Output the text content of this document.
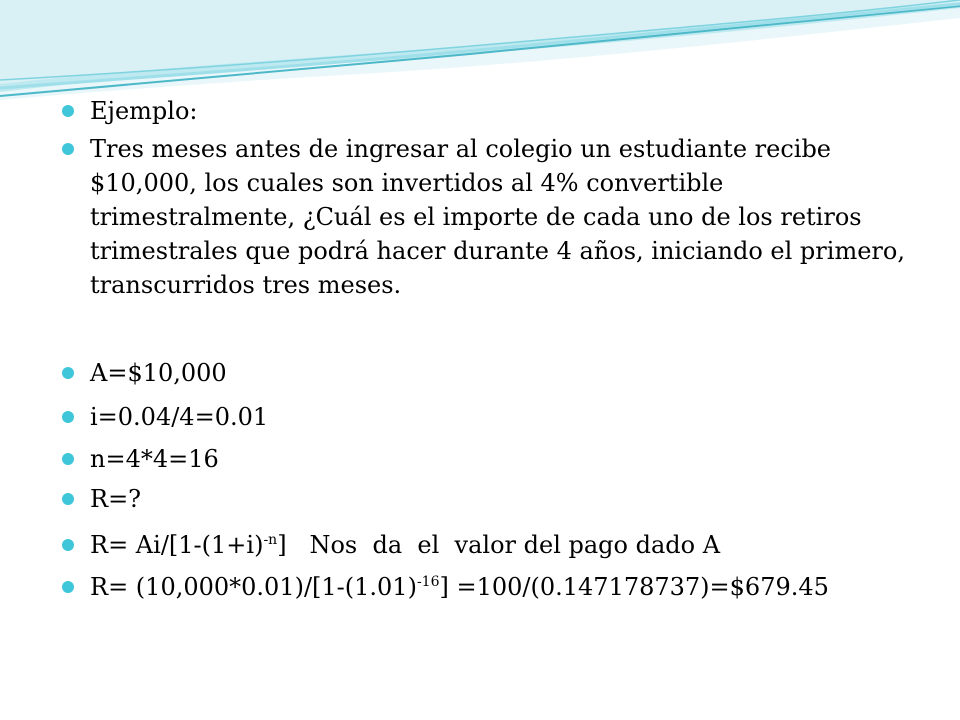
Ejemplo:
Tres meses antes de ingresar al colegio un estudiante recibe $10,000, los cuales son invertidos al 4% convertible trimestralmente, ¿Cuál es el importe de cada uno de los retiros trimestrales que podrá hacer durante 4 años, iniciando el primero, transcurridos tres meses.
A=$10,000
i=0.04/4=0.01
n=4*4=16
R=?
$R= Ai/[1-(1+i)^{-n}]$   Nos  da  el  valor del pago dado A
$R= (10,000*0.01)/[1-(1.01)^{-16}]$ =100/(0.147178737)=$679.45
